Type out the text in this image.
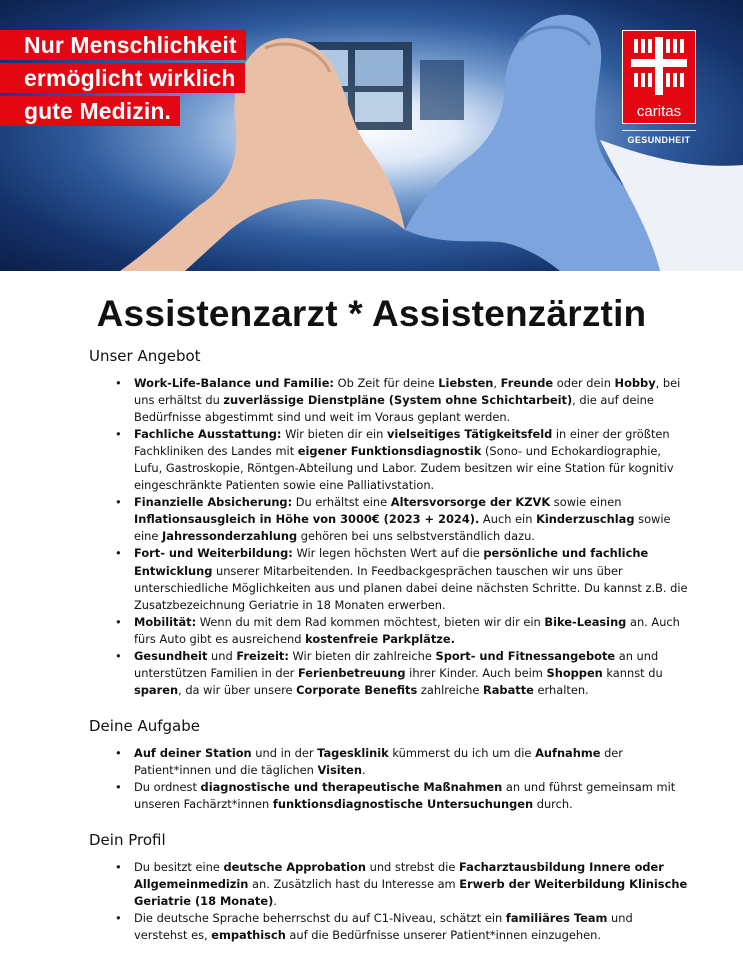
Nur Menschlichkeit
ermöglicht wirklich
gute Medizin.	caritas
GESUNDHEIT
Assistenzarzt * Assistenzärztin
Unser Angebot
• Work-Life-Balance und Familie: Ob Zeit für deine Liebsten, Freunde oder dein Hobby, bei uns erhältst du zuverlässige Dienstpläne (System ohne Schichtarbeit), die auf deine Bedürfnisse abgestimmt sind und weit im Voraus geplant werden.
• Fachliche Ausstattung: Wir bieten dir ein vielseitiges Tätigkeitsfeld in einer der größten Fachkliniken des Landes mit eigener Funktionsdiagnostik (Sono- und Echokardiographie, Lufu, Gastroskopie, Röntgen-Abteilung und Labor. Zudem besitzen wir eine Station für kognitiv eingeschränkte Patienten sowie eine Palliativstation.
• Finanzielle Absicherung: Du erhältst eine Altersvorsorge der KZVK sowie einen Inflationsausgleich in Höhe von 3000€ (2023 + 2024). Auch ein Kinderzuschlag sowie eine Jahressonderzahlung gehören bei uns selbstverständlich dazu.
• Fort- und Weiterbildung: Wir legen höchsten Wert auf die persönliche und fachliche Entwicklung unserer Mitarbeitenden. In Feedbackgesprächen tauschen wir uns über unterschiedliche Möglichkeiten aus und planen dabei deine nächsten Schritte. Du kannst z.B. die Zusatzbezeichnung Geriatrie in 18 Monaten erwerben.
• Mobilität: Wenn du mit dem Rad kommen möchtest, bieten wir dir ein Bike-Leasing an. Auch fürs Auto gibt es ausreichend kostenfreie Parkplätze.
• Gesundheit und Freizeit: Wir bieten dir zahlreiche Sport- und Fitnessangebote an und unterstützen Familien in der Ferienbetreuung ihrer Kinder. Auch beim Shoppen kannst du sparen, da wir über unsere Corporate Benefits zahlreiche Rabatte erhalten.
Deine Aufgabe
• Auf deiner Station und in der Tagesklinik kümmerst du ich um die Aufnahme der Patient*innen und die täglichen Visiten.
• Du ordnest diagnostische und therapeutische Maßnahmen an und führst gemeinsam mit unseren Fachärzt*innen funktionsdiagnostische Untersuchungen durch.
Dein Profil
• Du besitzt eine deutsche Approbation und strebst die Facharztausbildung Innere oder Allgemeinmedizin an. Zusätzlich hast du Interesse am Erwerb der Weiterbildung Klinische Geriatrie (18 Monate).
• Die deutsche Sprache beherrschst du auf C1-Niveau, schätzt ein familiäres Team und verstehst es, empathisch auf die Bedürfnisse unserer Patient*innen einzugehen.
